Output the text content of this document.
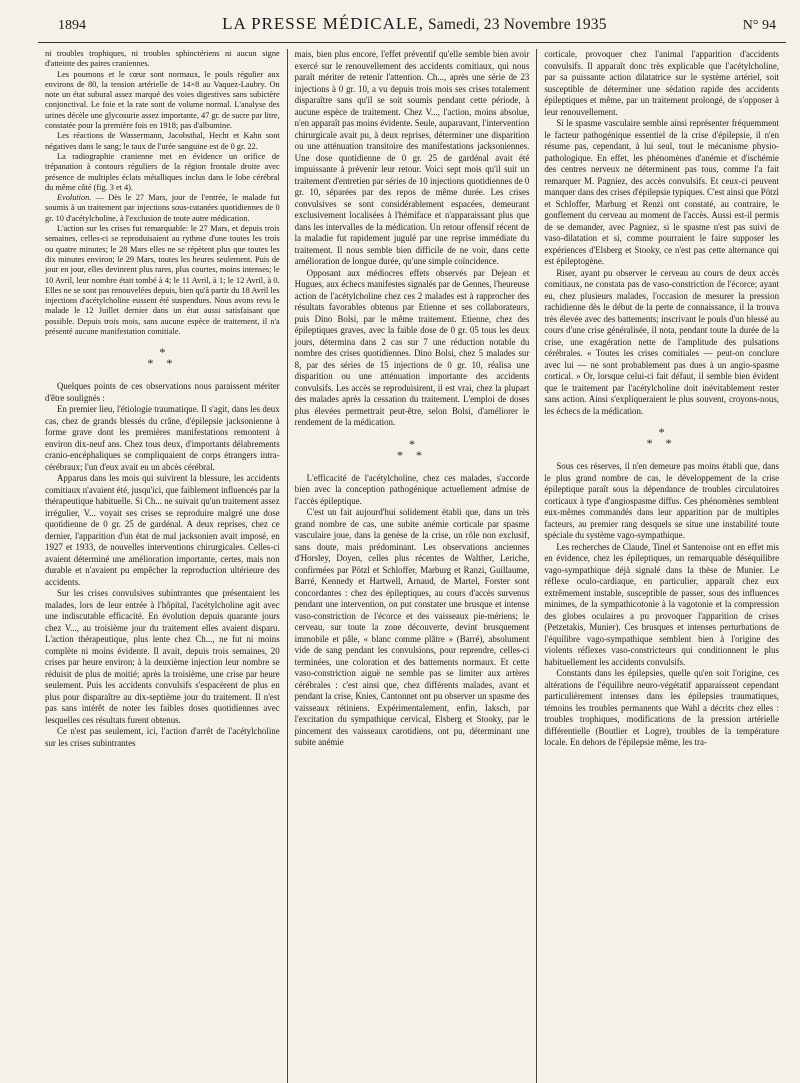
1894	LA PRESSE MÉDICALE, Samedi, 23 Novembre 1935	N° 94

ni troubles trophiques, ni troubles sphinctériens ni aucun signe d'atteinte des paires craniennes.

Les poumons et le cœur sont normaux, le pouls régulier aux environs de 80, la tension artérielle de 14×8 au Vaquez-Laubry. On note un état subural assez marqué des voies digestives sans subictère conjonctival. Le foie et la rate sont de volume normal. L'analyse des urines décèle une glycosurie assez importante, 47 gr. de sucre par litre, constatée pour la première fois en 1918; pas d'albumine.

Les réactions de Wassermann, Jacobsthal, Hecht et Kahn sont négatives dans le sang; le taux de l'urée sanguine est de 0 gr. 22.

La radiographie cranienne met en évidence un orifice de trépanation à contours réguliers de la région frontale droite avec présence de multiples éclats métalliques inclus dans le lobe cérébral du même côté (fig. 3 et 4).

Evolution. — Dès le 27 Mars, jour de l'entrée, le malade fut soumis à un traitement par injections sous-cutanées quotidiennes de 0 gr. 10 d'acétylcholine, à l'exclusion de toute autre médication.

L'action sur les crises fut remarquable: le 27 Mars, et depuis trois semaines, celles-ci se reproduisaient au rythme d'une toutes les trois ou quatre minutes; le 28 Mars elles ne se répètent plus que toutes les dix minutes environ; le 29 Mars, toutes les heures seulement. Puis de jour en jour, elles devinrent plus rares, plus courtes, moins intenses; le 10 Avril, leur nombre était tombé à 4; le 11 Avril, à 1; le 12 Avril, à 0. Elles ne se sont pas renouvelées depuis, bien qu'à partir du 18 Avril les injections d'acétylcholine eussent été suspendues. Nous avons revu le malade le 12 Juillet dernier dans un état aussi satisfaisant que possible. Depuis trois mois, sans aucune espèce de traitement, il n'a présenté aucune manifestation comitiale.

*
* *

Quelques points de ces observations nous paraissent mériter d'être soulignés :

En premier lieu, l'étiologie traumatique. Il s'agit, dans les deux cas, chez de grands blessés du crâne, d'épilepsie jacksonienne à forme grave dont les premières manifestations remontent à environ dix-neuf ans. Chez tous deux, d'importants délabrements cranio-encéphaliques se compliquaient de corps étrangers intra-cérébraux; l'un d'eux avait eu un abcès cérébral.

Apparus dans les mois qui suivirent la blessure, les accidents comitiaux n'avaient été, jusqu'ici, que faiblement influencés par la thérapeutique habituelle. Si Ch... ne suivait qu'un traitement assez irrégulier, V... voyait ses crises se reproduire malgré une dose quotidienne de 0 gr. 25 de gardénal. A deux reprises, chez ce dernier, l'apparition d'un état de mal jacksonien avait imposé, en 1927 et 1933, de nouvelles interventions chirurgicales. Celles-ci avaient déterminé une amélioration importante, certes, mais non durable et n'avaient pu empêcher la reproduction ultérieure des accidents.

Sur les crises convulsives subintrantes que présentaient les malades, lors de leur entrée à l'hôpital, l'acétylcholine agit avec une indiscutable efficacité. En évolution depuis quarante jours chez V..., au troisième jour du traitement elles avaient disparu. L'action thérapeutique, plus lente chez Ch..., ne fut ni moins complète ni moins évidente. Il avait, depuis trois semaines, 20 crises par heure environ; à la deuxième injection leur nombre se réduisit de plus de moitié; après la troisième, une crise par heure seulement. Puis les accidents convulsifs s'espacèrent de plus en plus pour disparaître au dix-septième jour du traitement. Il n'est pas sans intérêt de noter les faibles doses quotidiennes avec lesquelles ces résultats furent obtenus.

Ce n'est pas seulement, ici, l'action d'arrêt de l'acétylcholine sur les crises subintrantes

mais, bien plus encore, l'effet préventif qu'elle semble bien avoir exercé sur le renouvellement des accidents comitiaux, qui nous paraît mériter de retenir l'attention. Ch..., après une série de 23 injections à 0 gr. 10, a vu depuis trois mois ses crises totalement disparaître sans qu'il se soit soumis pendant cette période, à aucune espèce de traitement. Chez V..., l'action, moins absolue, n'en apparaît pas moins évidente. Seule, auparavant, l'intervention chirurgicale avait pu, à deux reprises, déterminer une disparition ou une atténuation transitoire des manifestations jacksoniennes. Une dose quotidienne de 0 gr. 25 de gardénal avait été impuissante à prévenir leur retour. Voici sept mois qu'il suit un traitement d'entretien par séries de 10 injections quotidiennes de 0 gr. 10, séparées par des repos de même durée. Les crises convulsives se sont considérablement espacées, demeurant exclusivement localisées à l'hémiface et n'apparaissant plus que dans les intervalles de la médication. Un retour offensif récent de la maladie fut rapidement jugulé par une reprise immédiate du traitement. Il nous semble bien difficile de ne voir, dans cette amélioration de longue durée, qu'une simple coïncidence.

Opposant aux médiocres effets observés par Dejean et Hugues, aux échecs manifestes signalés par de Gennes, l'heureuse action de l'acétylcholine chez ces 2 malades est à rapprocher des résultats favorables obtenus par Etienne et ses collaborateurs, puis Dino Bolsi, par le même traitement. Etienne, chez des épileptiques graves, avec la faible dose de 0 gr. 05 tous les deux jours, détermina dans 2 cas sur 7 une réduction notable du nombre des crises quotidiennes. Dino Bolsi, chez 5 malades sur 8, par des séries de 15 injections de 0 gr. 10, réalisa une disparition ou une atténuation importante des accidents convulsifs. Les accès se reproduisirent, il est vrai, chez la plupart des malades après la cessation du traitement. L'emploi de doses plus élevées permettrait peut-être, selon Bolsi, d'améliorer le rendement de la médication.

*
* *

L'efficacité de l'acétylcholine, chez ces malades, s'accorde bien avec la conception pathogénique actuellement admise de l'accès épileptique.

C'est un fait aujourd'hui solidement établi que, dans un très grand nombre de cas, une subite anémie corticale par spasme vasculaire joue, dans la genèse de la crise, un rôle non exclusif, sans doute, mais prédominant. Les observations anciennes d'Horsley, Doyen, celles plus récentes de Walther, Leriche, confirmées par Pötzl et Schloffer, Marburg et Ranzi, Guillaume, Barré, Kennedy et Hartwell, Arnaud, de Martel, Forster sont concordantes : chez des épileptiques, au cours d'accès survenus pendant une intervention, on put constater une brusque et intense vaso-constriction de l'écorce et des vaisseaux pie-mériens; le cerveau, sur toute la zone découverte, devint brusquement immobile et pâle, « blanc comme plâtre » (Barré), absolument vide de sang pendant les convulsions, pour reprendre, celles-ci terminées, une coloration et des battements normaux. Et cette vaso-constriction aiguë ne semble pas se limiter aux artères cérébrales : c'est ainsi que, chez différents malades, avant et pendant la crise, Knies, Cantonnet ont pu observer un spasme des vaisseaux rétiniens. Expérimentalement, enfin, Iaksch, par l'excitation du sympathique cervical, Elsberg et Stooky, par le pincement des vaisseaux carotidiens, ont pu, déterminant une subite anémie

corticale, provoquer chez l'animal l'apparition d'accidents convulsifs. Il apparaît donc très explicable que l'acétylcholine, par sa puissante action dilatatrice sur le système artériel, soit susceptible de déterminer une sédation rapide des accidents épileptiques et même, par un traitement prolongé, de s'opposer à leur renouvellement.

Si le spasme vasculaire semble ainsi représenter fréquemment le facteur pathogénique essentiel de la crise d'épilepsie, il n'en résume pas, cependant, à lui seul, tout le mécanisme physio-pathologique. En effet, les phénomènes d'anémie et d'ischémie des centres nerveux ne déterminent pas tous, comme l'a fait remarquer M. Pagniez, des accès convulsifs. Et ceux-ci peuvent manquer dans des crises d'épilepsie typiques. C'est ainsi que Pötzl et Schloffer, Marburg et Renzi ont constaté, au contraire, le gonflement du cerveau au moment de l'accès. Aussi est-il permis de se demander, avec Pagniez, si le spasme n'est pas suivi de vaso-dilatation et si, comme pourraient le faire supposer les expériences d'Elsberg et Stooky, ce n'est pas cette alternance qui est épileptogène.

Riser, ayant pu observer le cerveau au cours de deux accès comitiaux, ne constata pas de vaso-constriction de l'écorce; ayant eu, chez plusieurs malades, l'occasion de mesurer la pression rachidienne dès le début de la perte de connaissance, il la trouva très élevée avec des battements; inscrivant le pouls d'un blessé au cours d'une crise généralisée, il nota, pendant toute la durée de la crise, une exagération nette de l'amplitude des pulsations cérébrales. « Toutes les crises comitiales — peut-on conclure avec lui — ne sont probablement pas dues à un angio-spasme cortical. » Or, lorsque celui-ci fait défaut, il semble bien évident que le traitement par l'acétylcholine doit inévitablement rester sans action. Ainsi s'expliqueraient le plus souvent, croyons-nous, les échecs de la médication.

*
* *

Sous ces réserves, il n'en demeure pas moins établi que, dans le plus grand nombre de cas, le développement de la crise épileptique paraît sous la dépendance de troubles circulatoires corticaux à type d'angiospasme diffus. Ces phénomènes semblent eux-mêmes commandés dans leur apparition par de multiples facteurs, au premier rang desquels se situe une instabilité toute spéciale du système vago-sympathique.

Les recherches de Claude, Tinel et Santenoise ont en effet mis en évidence, chez les épileptiques, un remarquable déséquilibre vago-sympathique déjà signalé dans la thèse de Munier. Le réflexe oculo-cardiaque, en particulier, apparaît chez eux extrêmement instable, susceptible de passer, sous des influences minimes, de la sympathicotonie à la vagotonie et la compression des globes oculaires a pu provoquer l'apparition de crises (Petzetakis, Munier). Ces brusques et intenses perturbations de l'équilibre vago-sympathique semblent bien à l'origine des violents réflexes vaso-constricteurs qui conditionnent le plus habituellement les accidents convulsifs.

Constants dans les épilepsies, quelle qu'en soit l'origine, ces altérations de l'équilibre neuro-végétatif apparaissent cependant particulièrement intenses dans les épilepsies traumatiques, témoins les troubles permanents que Wahl a décrits chez elles : troubles trophiques, modifications de la pression artérielle différentielle (Boutlier et Logre), troubles de la température locale. En dehors de l'épilepsie même, les tra-
